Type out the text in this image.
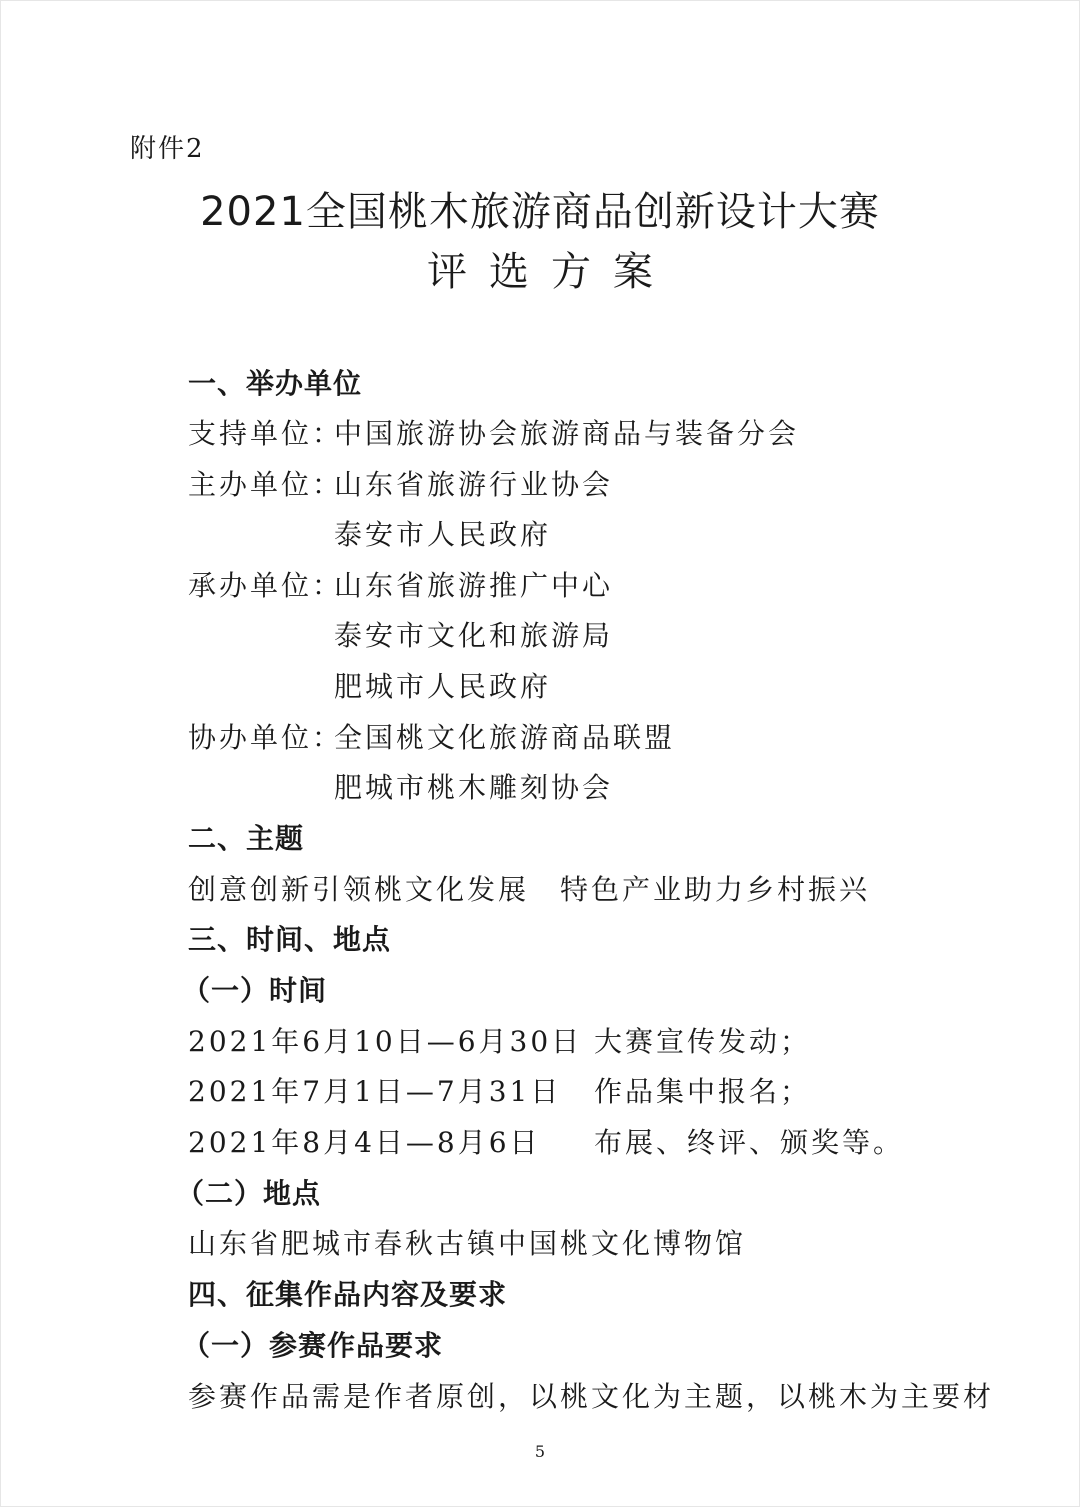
附件2
2021全国桃木旅游商品创新设计大赛
评选方案
一、举办单位
支持单位：中国旅游协会旅游商品与装备分会
主办单位：山东省旅游行业协会
泰安市人民政府
承办单位：山东省旅游推广中心
泰安市文化和旅游局
肥城市人民政府
协办单位：全国桃文化旅游商品联盟
肥城市桃木雕刻协会
二、主题
创意创新引领桃文化发展　特色产业助力乡村振兴
三、时间、地点
（一）时间
2021年6月10日—6月30日 大赛宣传发动；
2021年7月1日—7月31日 作品集中报名；
2021年8月4日—8月6日 布展、终评、颁奖等。
（二）地点
山东省肥城市春秋古镇中国桃文化博物馆
四、征集作品内容及要求
（一）参赛作品要求
参赛作品需是作者原创，以桃文化为主题，以桃木为主要材
5
